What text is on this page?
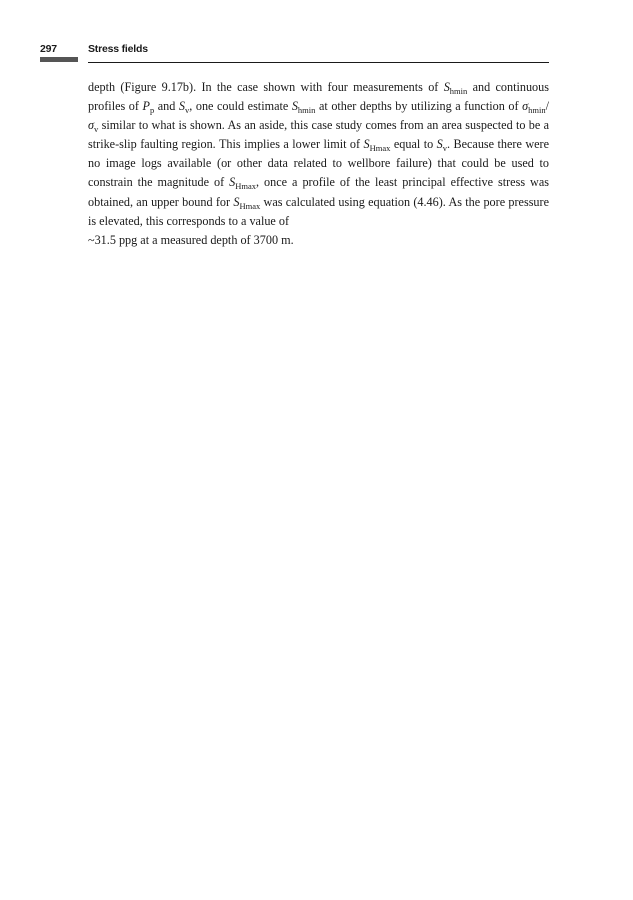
297	Stress fields

depth (Figure 9.17b). In the case shown with four measurements of $S_{hmin}$ and continuous profiles of $P_p$ and $S_v$, one could estimate $S_{hmin}$ at other depths by utilizing a function of $\sigma_{hmin}/\sigma_v$ similar to what is shown. As an aside, this case study comes from an area suspected to be a strike-slip faulting region. This implies a lower limit of $S_{Hmax}$ equal to $S_v$. Because there were no image logs available (or other data related to wellbore failure) that could be used to constrain the magnitude of $S_{Hmax}$, once a profile of the least principal effective stress was obtained, an upper bound for $S_{Hmax}$ was calculated using equation (4.46). As the pore pressure is elevated, this corresponds to a value of
~31.5 ppg at a measured depth of 3700 m.
